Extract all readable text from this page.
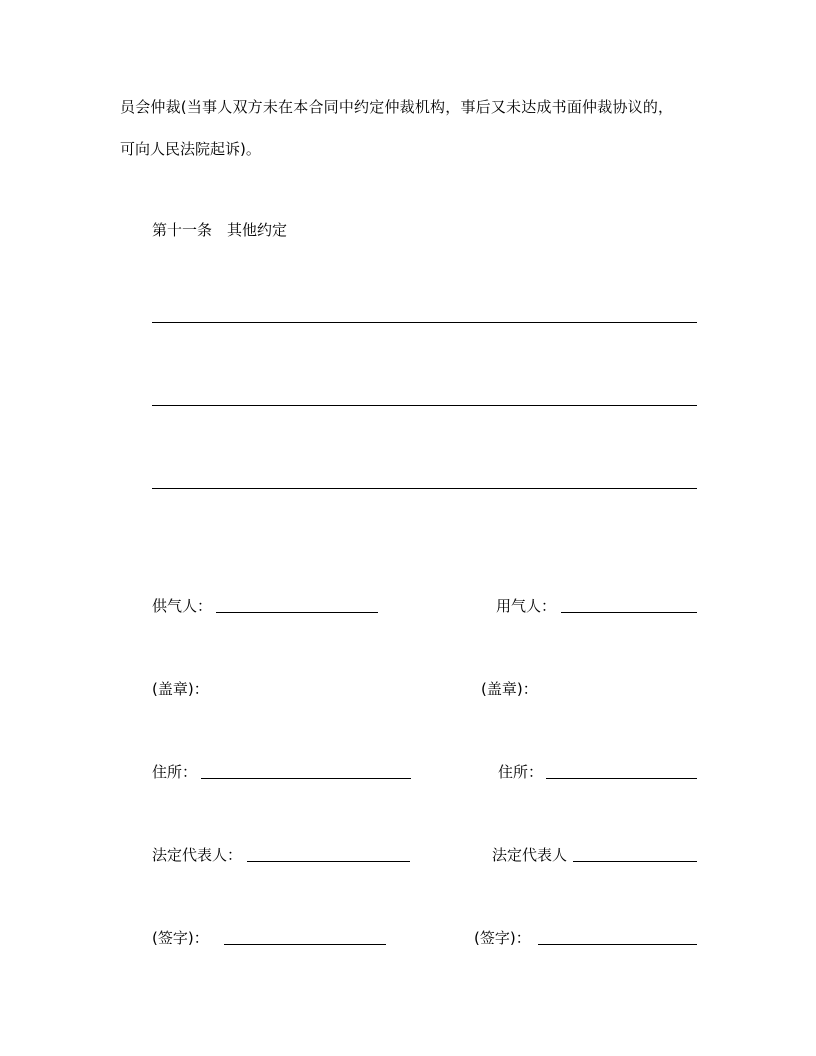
员会仲裁(当事人双方未在本合同中约定仲裁机构，事后又未达成书面仲裁协议的，
可向人民法院起诉)。
第十一条　其他约定
供气人：	用气人：
(盖章)：	(盖章)：
住所：	住所：
法定代表人：	法定代表人
(签字)：	(签字)：
